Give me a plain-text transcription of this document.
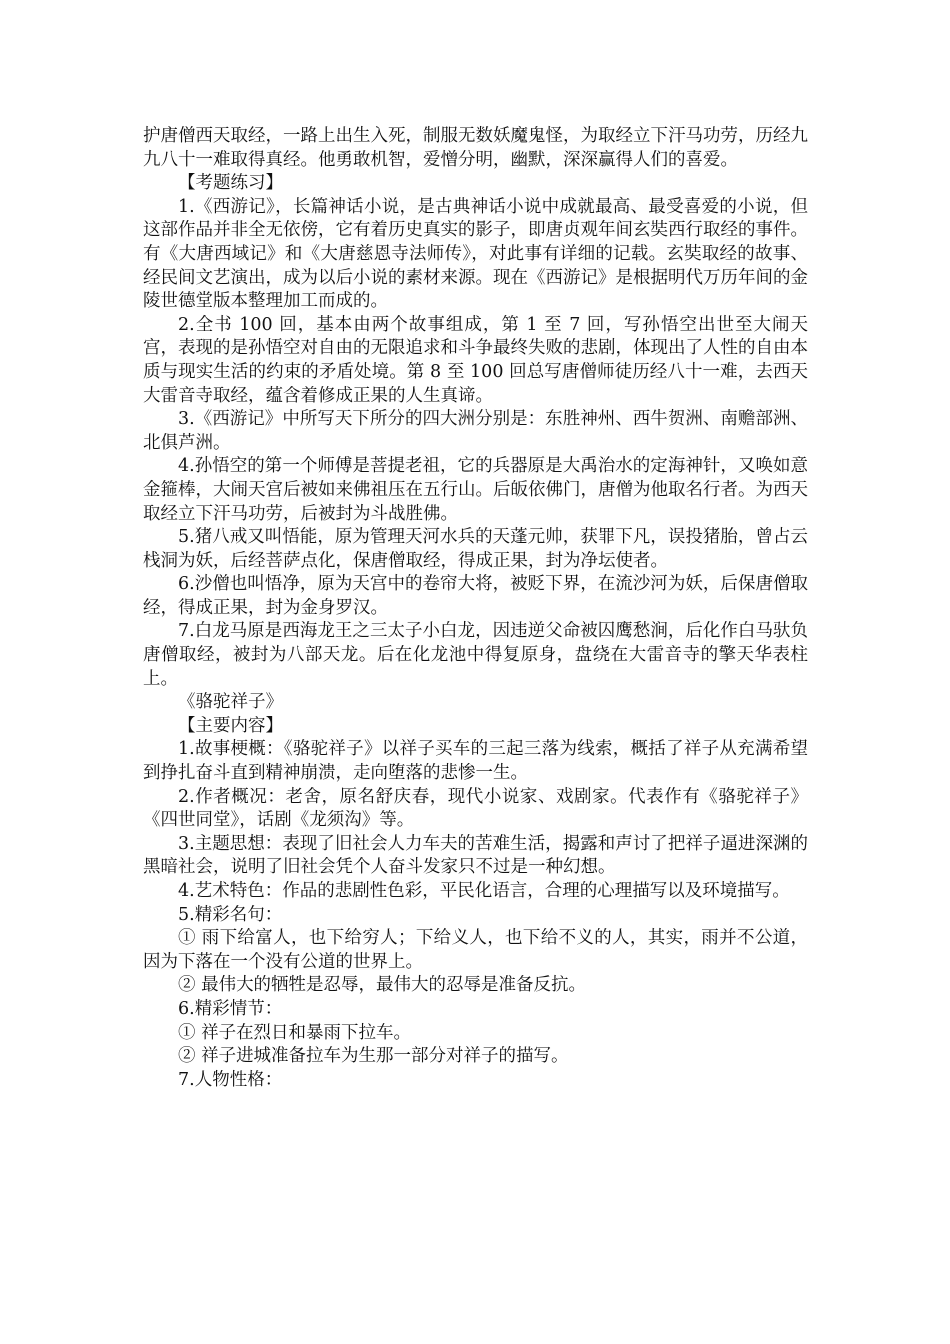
护唐僧西天取经，一路上出生入死，制服无数妖魔鬼怪，为取经立下汗马功劳，历经九九八十一难取得真经。他勇敢机智，爱憎分明，幽默，深深赢得人们的喜爱。

【考题练习】

1.《西游记》，长篇神话小说，是古典神话小说中成就最高、最受喜爱的小说，但这部作品并非全无依傍，它有着历史真实的影子，即唐贞观年间玄奘西行取经的事件。有《大唐西域记》和《大唐慈恩寺法师传》，对此事有详细的记载。玄奘取经的故事、经民间文艺演出，成为以后小说的素材来源。现在《西游记》是根据明代万历年间的金陵世德堂版本整理加工而成的。

2.全书 100 回，基本由两个故事组成，第 1 至 7 回，写孙悟空出世至大闹天宫，表现的是孙悟空对自由的无限追求和斗争最终失败的悲剧，体现出了人性的自由本质与现实生活的约束的矛盾处境。第 8 至 100 回总写唐僧师徒历经八十一难，去西天大雷音寺取经，蕴含着修成正果的人生真谛。

3.《西游记》中所写天下所分的四大洲分别是：东胜神州、西牛贺洲、南赡部洲、北俱芦洲。

4.孙悟空的第一个师傅是菩提老祖，它的兵器原是大禹治水的定海神针，又唤如意金箍棒，大闹天宫后被如来佛祖压在五行山。后皈依佛门，唐僧为他取名行者。为西天取经立下汗马功劳，后被封为斗战胜佛。

5.猪八戒又叫悟能，原为管理天河水兵的天蓬元帅，获罪下凡，误投猪胎，曾占云栈洞为妖，后经菩萨点化，保唐僧取经，得成正果，封为净坛使者。

6.沙僧也叫悟净，原为天宫中的卷帘大将，被贬下界，在流沙河为妖，后保唐僧取经，得成正果，封为金身罗汉。

7.白龙马原是西海龙王之三太子小白龙，因违逆父命被囚鹰愁涧，后化作白马驮负唐僧取经，被封为八部天龙。后在化龙池中得复原身，盘绕在大雷音寺的擎天华表柱上。

《骆驼祥子》

【主要内容】

1.故事梗概：《骆驼祥子》以祥子买车的三起三落为线索，概括了祥子从充满希望到挣扎奋斗直到精神崩溃，走向堕落的悲惨一生。

2.作者概况：老舍，原名舒庆春，现代小说家、戏剧家。代表作有《骆驼祥子》《四世同堂》，话剧《龙须沟》等。

3.主题思想：表现了旧社会人力车夫的苦难生活，揭露和声讨了把祥子逼进深渊的黑暗社会，说明了旧社会凭个人奋斗发家只不过是一种幻想。

4.艺术特色：作品的悲剧性色彩，平民化语言，合理的心理描写以及环境描写。

5.精彩名句：

① 雨下给富人，也下给穷人；下给义人，也下给不义的人，其实，雨并不公道，因为下落在一个没有公道的世界上。

② 最伟大的牺牲是忍辱，最伟大的忍辱是准备反抗。

6.精彩情节：

① 祥子在烈日和暴雨下拉车。

② 祥子进城准备拉车为生那一部分对祥子的描写。

7.人物性格：
